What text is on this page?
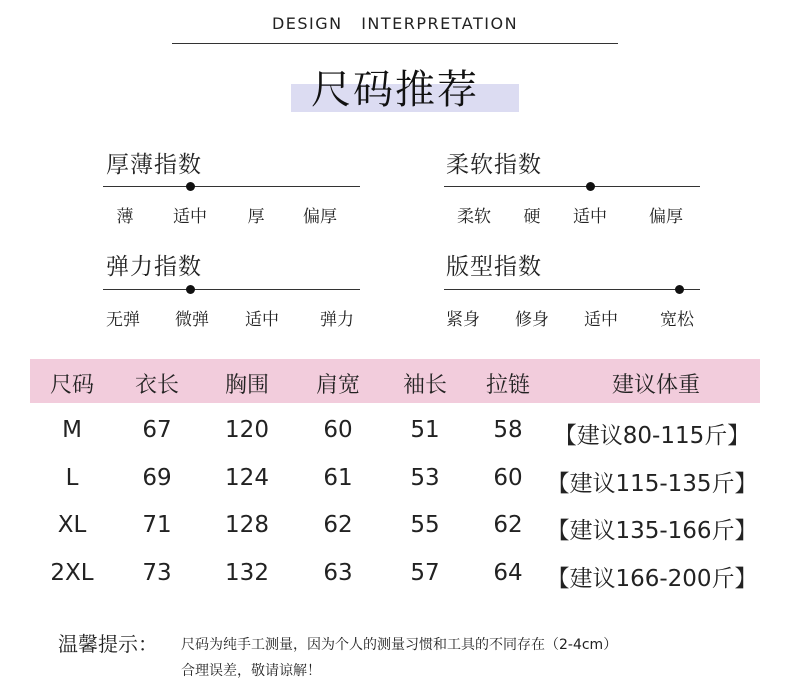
DESIGN INTERPRETATION
尺码推荐
厚薄指数
薄 适中 厚 偏厚
柔软指数
柔软 硬 适中 偏厚
弹力指数
无弹 微弹 适中 弹力
版型指数
紧身 修身 适中 宽松
尺码 衣长 胸围 肩宽 袖长 拉链	建议体重
M	67 120 60	51 58 【建议80-115斤】
L	69 124 61	53 60 【建议115-135斤】
XL 71 128 62	55 62 【建议135-166斤】
2XL 73 132 63	57 64 【建议166-200斤】
温馨提示： 尺码为纯手工测量，因为个人的测量习惯和工具的不同存在（2-4cm）
合理误差，敬请谅解！
